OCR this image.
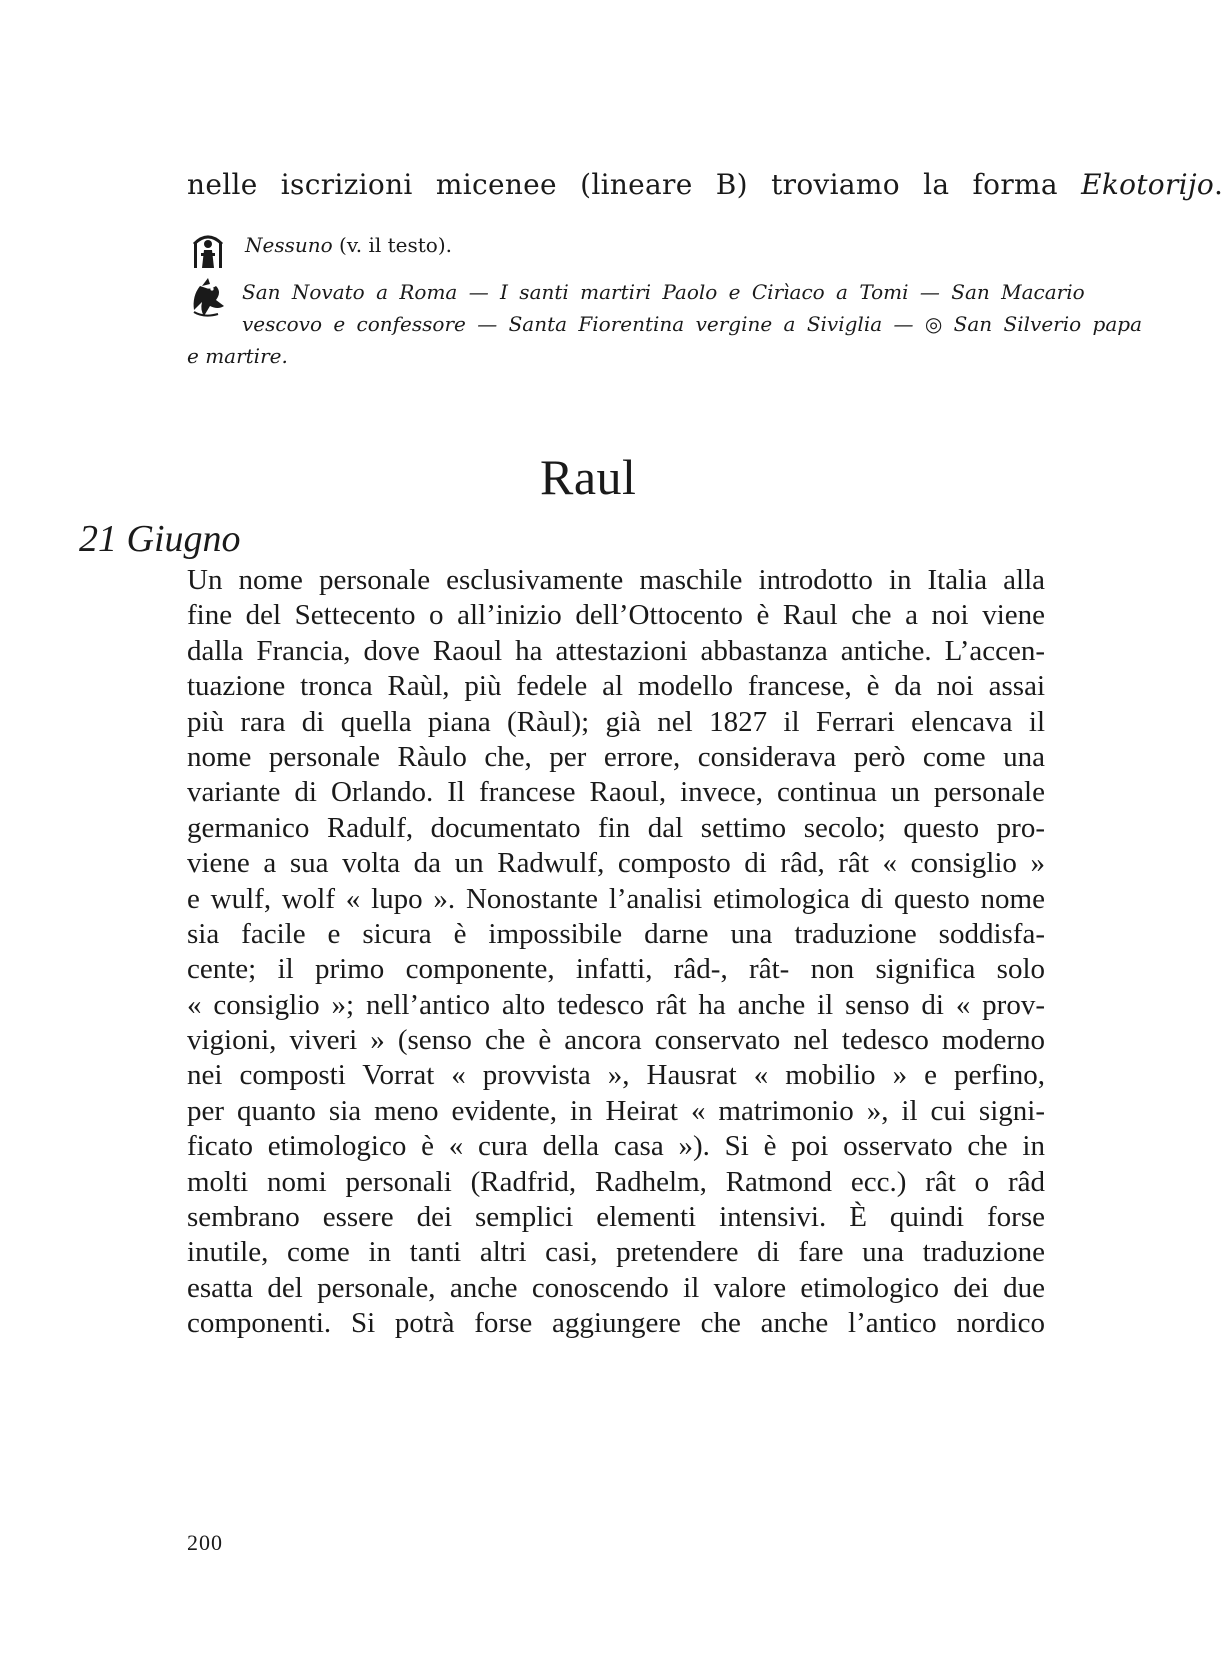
nelle iscrizioni micenee (lineare B) troviamo la forma Ekotorijo.
Nessuno (v. il testo).
San Novato a Roma — I santi martiri Paolo e Cirìaco a Tomi — San Macario
vescovo e confessore — Santa Fiorentina vergine a Siviglia — ◎ San Silverio papa
e martire.
Raul
21 Giugno
Un nome personale esclusivamente maschile introdotto in Italia alla
fine del Settecento o all’inizio dell’Ottocento è Raul che a noi viene
dalla Francia, dove Raoul ha attestazioni abbastanza antiche. L’accen-
tuazione tronca Raùl, più fedele al modello francese, è da noi assai
più rara di quella piana (Ràul); già nel 1827 il Ferrari elencava il
nome personale Ràulo che, per errore, considerava però come una
variante di Orlando. Il francese Raoul, invece, continua un personale
germanico Radulf, documentato fin dal settimo secolo; questo pro-
viene a sua volta da un Radwulf, composto di râd, rât « consiglio »
e wulf, wolf « lupo ». Nonostante l’analisi etimologica di questo nome
sia facile e sicura è impossibile darne una traduzione soddisfa-
cente; il primo componente, infatti, râd-, rât- non significa solo
« consiglio »; nell’antico alto tedesco rât ha anche il senso di « prov-
vigioni, viveri » (senso che è ancora conservato nel tedesco moderno
nei composti Vorrat « provvista », Hausrat « mobilio » e perfino,
per quanto sia meno evidente, in Heirat « matrimonio », il cui signi-
ficato etimologico è « cura della casa »). Si è poi osservato che in
molti nomi personali (Radfrid, Radhelm, Ratmond ecc.) rât o râd
sembrano essere dei semplici elementi intensivi. È quindi forse
inutile, come in tanti altri casi, pretendere di fare una traduzione
esatta del personale, anche conoscendo il valore etimologico dei due
componenti. Si potrà forse aggiungere che anche l’antico nordico
200
